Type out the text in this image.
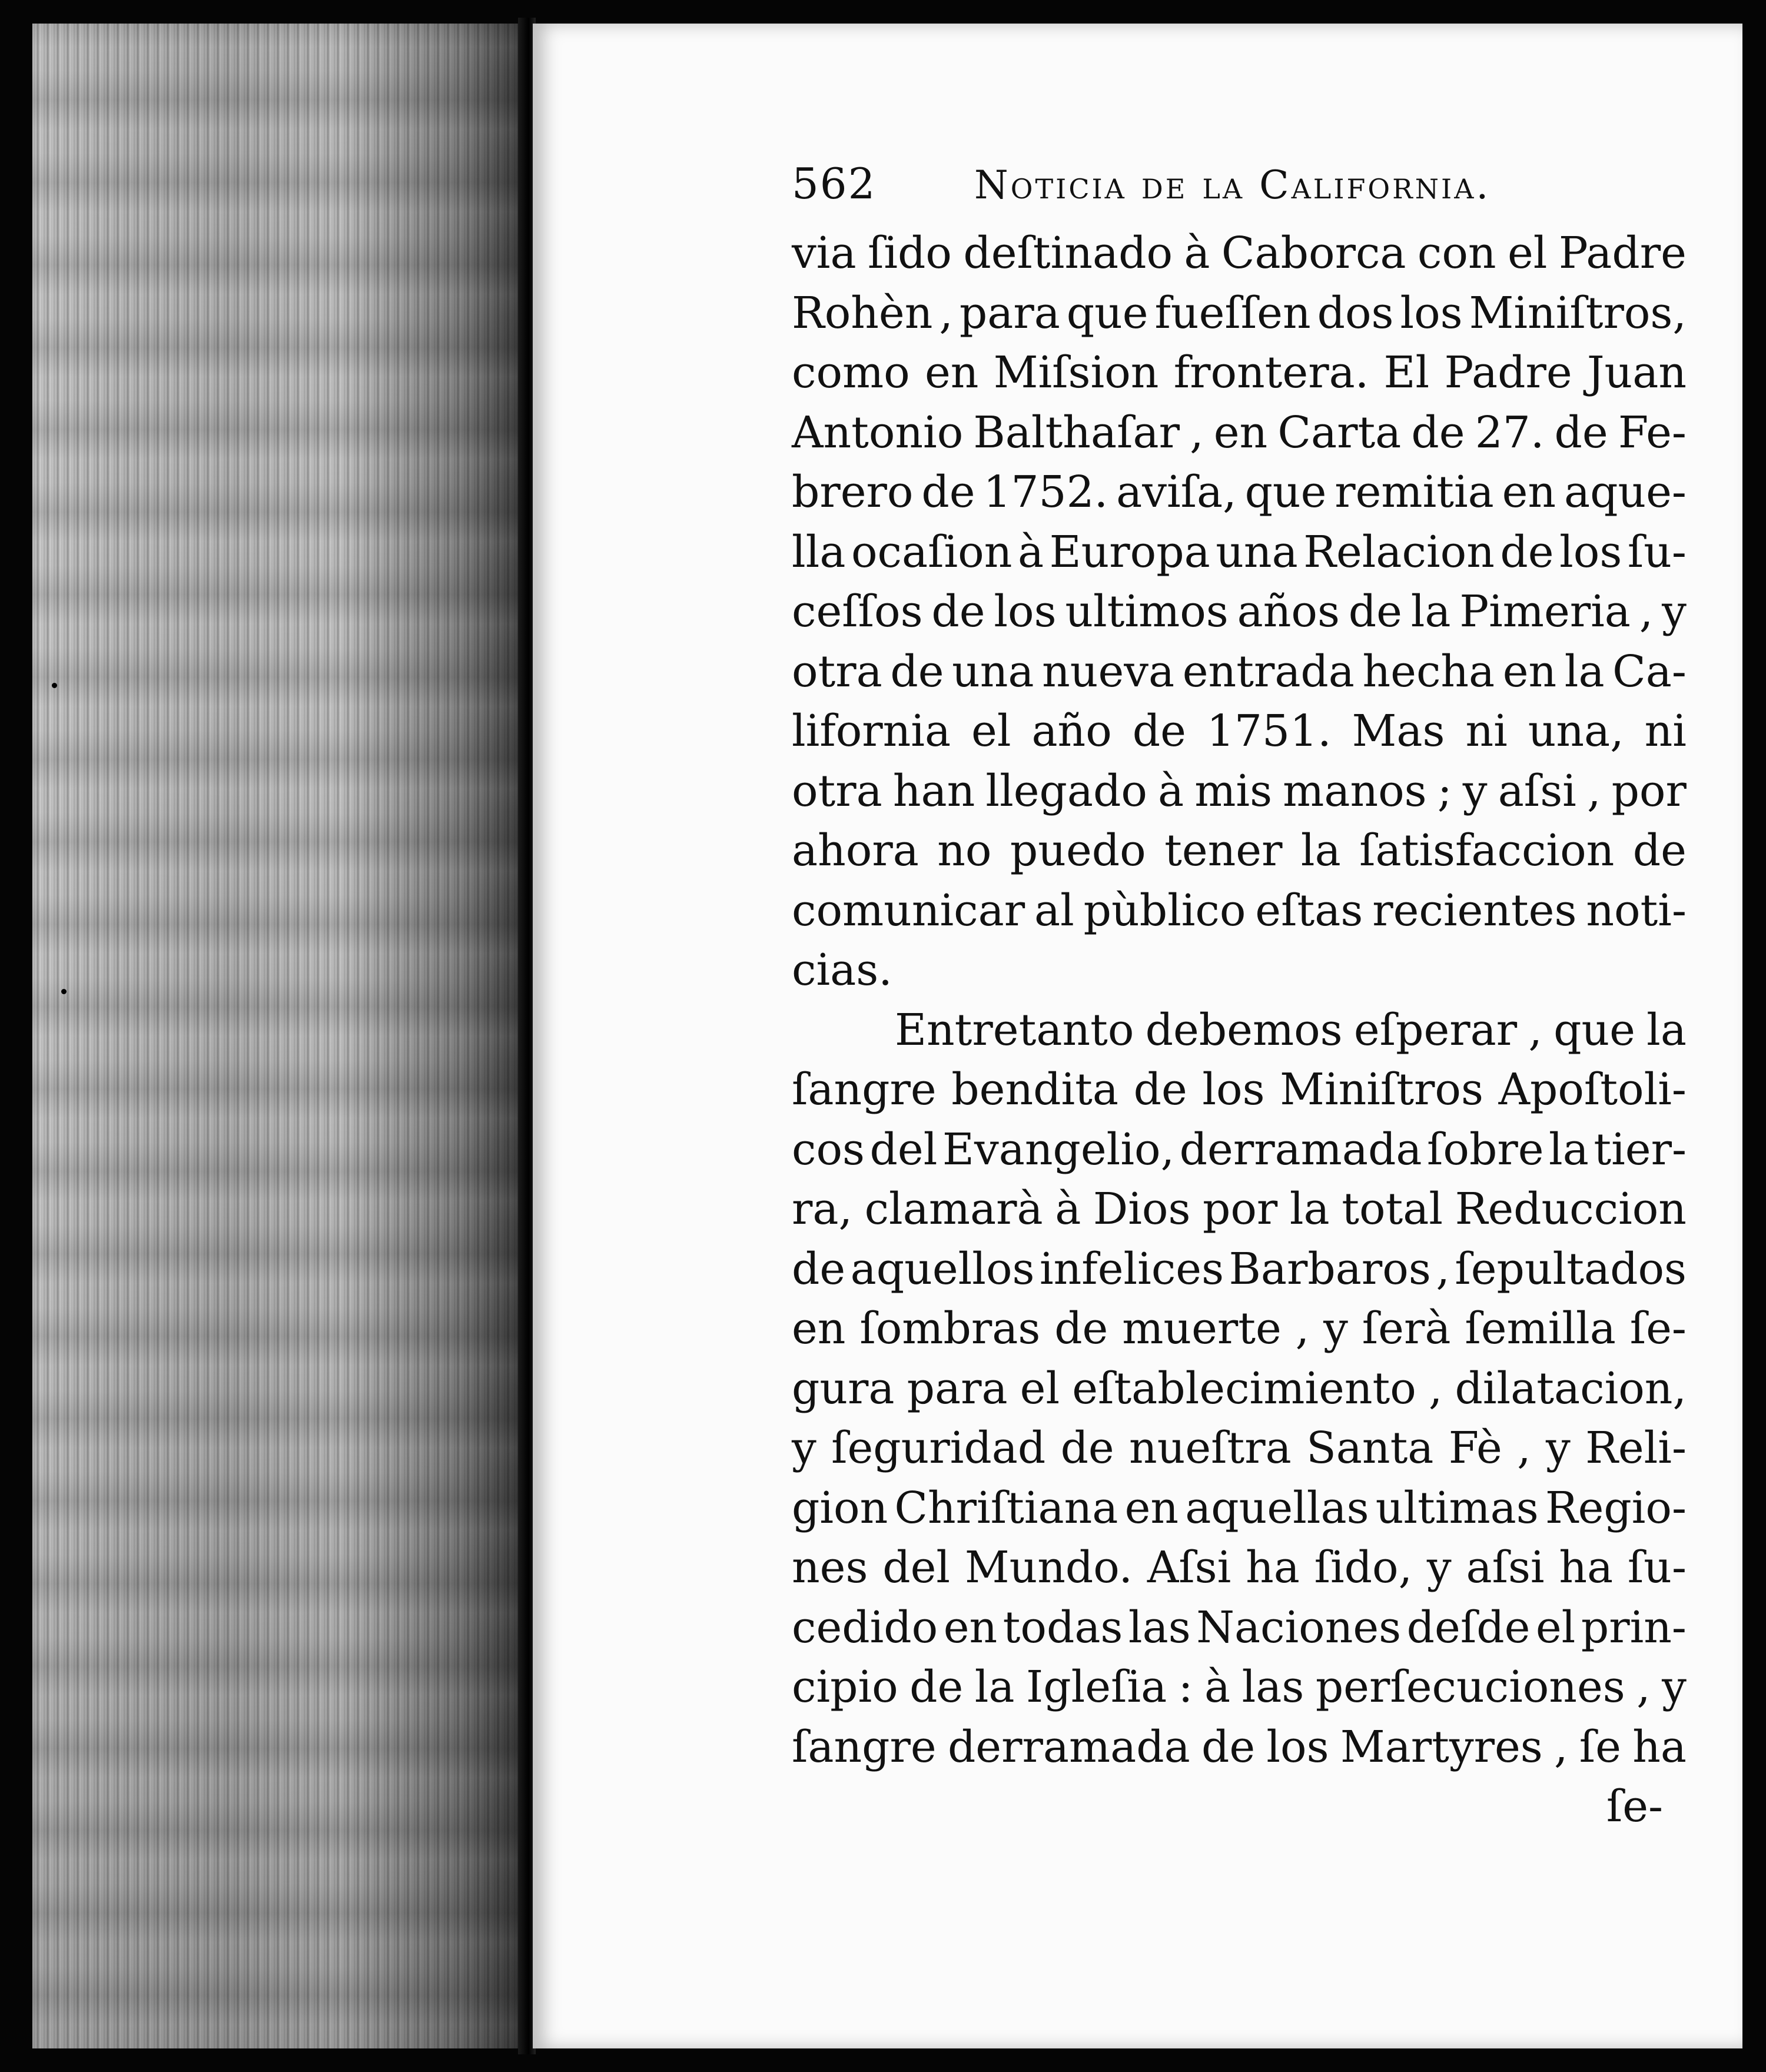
562	Noticia de la California.
via ſido deſtinado à Caborca con el Padre
Rohèn , para que fueſſen dos los Miniſtros,
como en Miſsion frontera. El Padre Juan
Antonio Balthaſar , en Carta de 27. de Fe-
brero de 1752. aviſa, que remitia en aque-
lla ocaſion à Europa una Relacion de los ſu-
ceſſos de los ultimos años de la Pimeria , y
otra de una nueva entrada hecha en la Ca-
lifornia el año de 1751. Mas ni una, ni
otra han llegado à mis manos ; y aſsi , por
ahora no puedo tener la ſatisfaccion de
comunicar al pùblico eſtas recientes noti-
cias.
Entretanto debemos eſperar , que la
ſangre bendita de los Miniſtros Apoſtoli-
cos del Evangelio, derramada ſobre la tier-
ra, clamarà à Dios por la total Reduccion
de aquellos infelices Barbaros , ſepultados
en ſombras de muerte , y ſerà ſemilla ſe-
gura para el eſtablecimiento , dilatacion,
y ſeguridad de nueſtra Santa Fè , y Reli-
gion Chriſtiana en aquellas ultimas Regio-
nes del Mundo. Aſsi ha ſido, y aſsi ha ſu-
cedido en todas las Naciones deſde el prin-
cipio de la Igleſia : à las perſecuciones , y
ſangre derramada de los Martyres , ſe ha
ſe-
